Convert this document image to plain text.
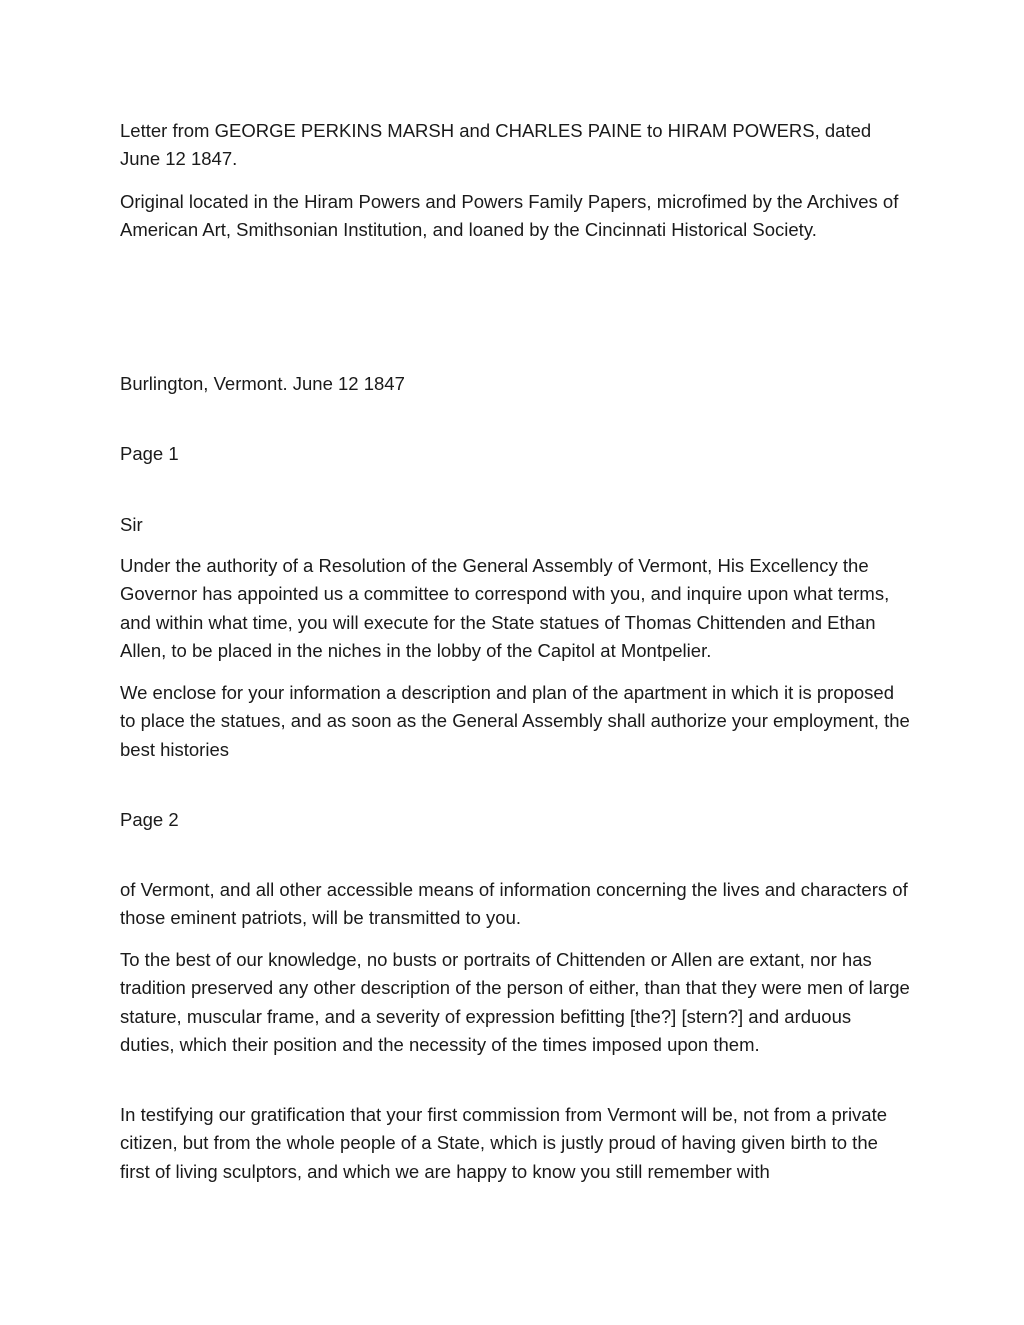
Letter from GEORGE PERKINS MARSH and CHARLES PAINE to HIRAM POWERS, dated June 12 1847.

Original located in the Hiram Powers and Powers Family Papers, microfimed by the Archives of American Art, Smithsonian Institution, and loaned by the Cincinnati Historical Society.

Burlington, Vermont. June 12 1847

Page 1

Sir

Under the authority of a Resolution of the General Assembly of Vermont, His Excellency the Governor has appointed us a committee to correspond with you, and inquire upon what terms, and within what time, you will execute for the State statues of Thomas Chittenden and Ethan Allen, to be placed in the niches in the lobby of the Capitol at Montpelier.

We enclose for your information a description and plan of the apartment in which it is proposed to place the statues, and as soon as the General Assembly shall authorize your employment, the best histories

Page 2

of Vermont, and all other accessible means of information concerning the lives and characters of those eminent patriots, will be transmitted to you.

To the best of our knowledge, no busts or portraits of Chittenden or Allen are extant, nor has tradition preserved any other description of the person of either, than that they were men of large stature, muscular frame, and a severity of expression befitting [the?] [stern?] and arduous duties, which their position and the necessity of the times imposed upon them.

In testifying our gratification that your first commission from Vermont will be, not from a private citizen, but from the whole people of a State, which is justly proud of having given birth to the first of living sculptors, and which we are happy to know you still remember with
